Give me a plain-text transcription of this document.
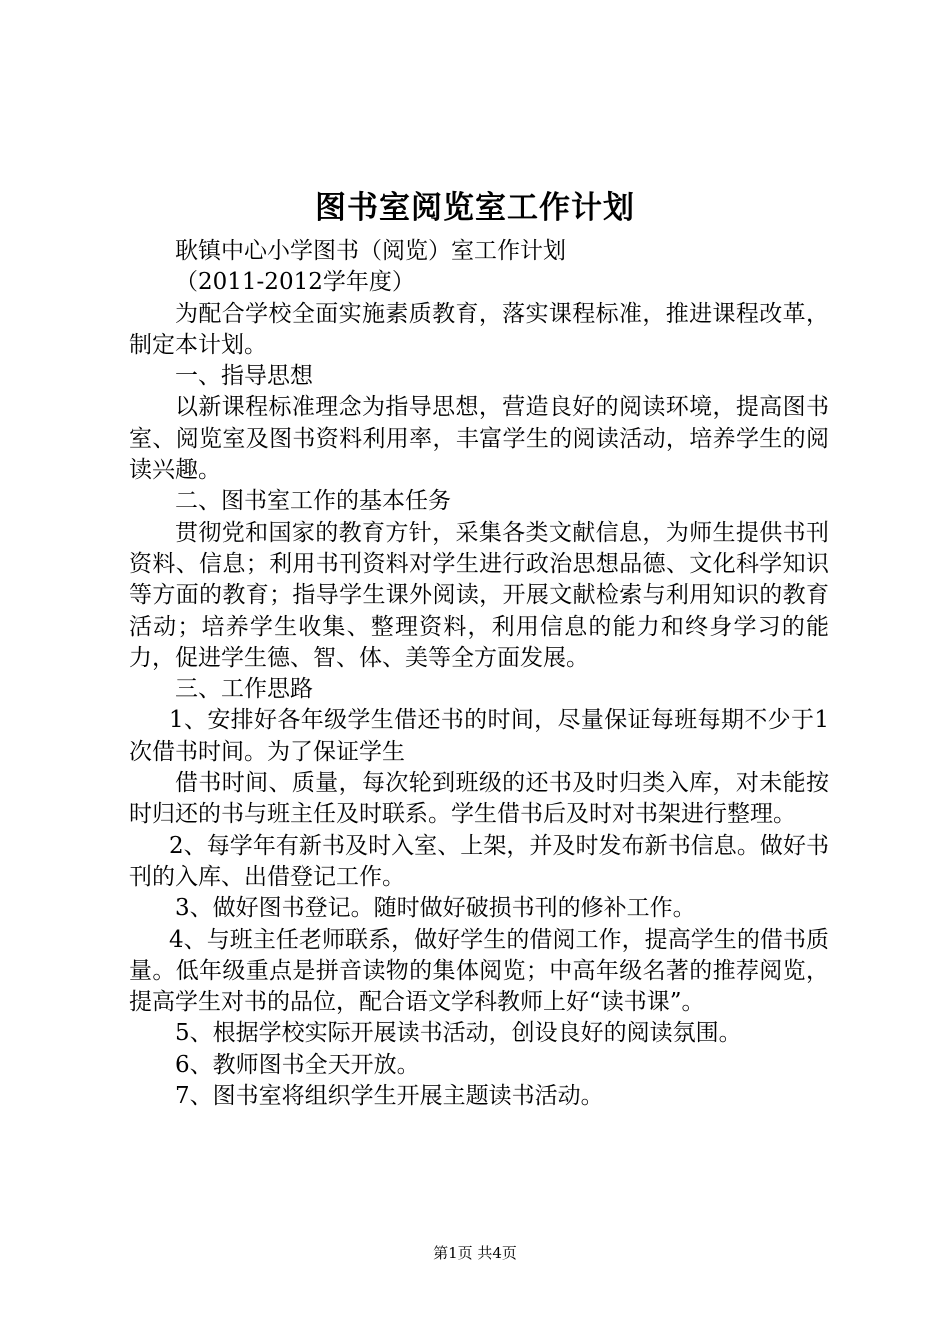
图书室阅览室工作计划

耿镇中心小学图书（阅览）室工作计划

（2011-2012学年度）

为配合学校全面实施素质教育，落实课程标准，推进课程改革，制定本计划。

一、指导思想

以新课程标准理念为指导思想，营造良好的阅读环境，提高图书室、阅览室及图书资料利用率，丰富学生的阅读活动，培养学生的阅读兴趣。

二、图书室工作的基本任务

贯彻党和国家的教育方针，采集各类文献信息，为师生提供书刊资料、信息；利用书刊资料对学生进行政治思想品德、文化科学知识等方面的教育；指导学生课外阅读，开展文献检索与利用知识的教育活动；培养学生收集、整理资料，利用信息的能力和终身学习的能力，促进学生德、智、体、美等全方面发展。

三、工作思路

1、安排好各年级学生借还书的时间，尽量保证每班每期不少于1次借书时间。为了保证学生

借书时间、质量，每次轮到班级的还书及时归类入库，对未能按时归还的书与班主任及时联系。学生借书后及时对书架进行整理。

2、每学年有新书及时入室、上架，并及时发布新书信息。做好书刊的入库、出借登记工作。

3、做好图书登记。随时做好破损书刊的修补工作。

4、与班主任老师联系，做好学生的借阅工作，提高学生的借书质量。低年级重点是拼音读物的集体阅览；中高年级名著的推荐阅览，提高学生对书的品位，配合语文学科教师上好“读书课”。

5、根据学校实际开展读书活动，创设良好的阅读氛围。

6、教师图书全天开放。

7、图书室将组织学生开展主题读书活动。

第1页 共4页
